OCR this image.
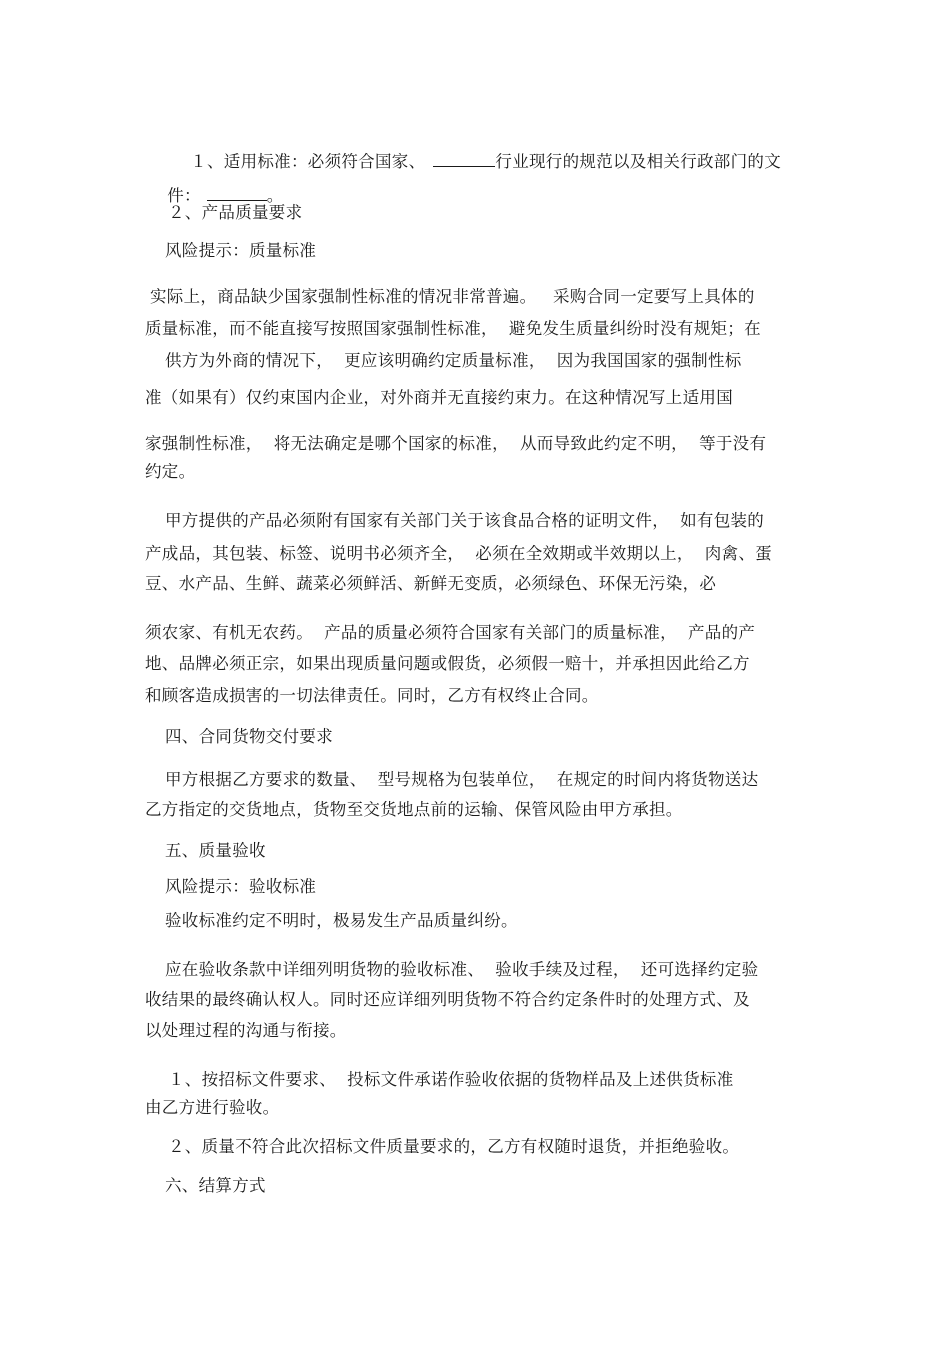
１、适用标准：必须符合国家、	行业现行的规范以及相关行政部门的文

件：	。

２、产品质量要求
风险提示：质量标准
实际上，商品缺少国家强制性标准的情况非常普遍。   采购合同一定要写上具体的
质量标准，而不能直接写按照国家强制性标准，  避免发生质量纠纷时没有规矩；在
供方为外商的情况下，  更应该明确约定质量标准，  因为我国国家的强制性标
准（如果有）仅约束国内企业，对外商并无直接约束力。在这种情况写上适用国
家强制性标准，  将无法确定是哪个国家的标准，  从而导致此约定不明，  等于没有
约定。
甲方提供的产品必须附有国家有关部门关于该食品合格的证明文件，  如有包装的
产成品，其包装、标签、说明书必须齐全，  必须在全效期或半效期以上，  肉禽、蛋
豆、水产品、生鲜、蔬菜必须鲜活、新鲜无变质，必须绿色、环保无污染，必
须农家、有机无农药。  产品的质量必须符合国家有关部门的质量标准，  产品的产
地、品牌必须正宗，如果出现质量问题或假货，必须假一赔十，并承担因此给乙方
和顾客造成损害的一切法律责任。同时，乙方有权终止合同。
四、合同货物交付要求
甲方根据乙方要求的数量、  型号规格为包装单位，  在规定的时间内将货物送达
乙方指定的交货地点，货物至交货地点前的运输、保管风险由甲方承担。
五、质量验收
风险提示：验收标准
验收标准约定不明时，极易发生产品质量纠纷。
应在验收条款中详细列明货物的验收标准、  验收手续及过程，  还可选择约定验
收结果的最终确认权人。同时还应详细列明货物不符合约定条件时的处理方式、及
以处理过程的沟通与衔接。
１、按招标文件要求、  投标文件承诺作验收依据的货物样品及上述供货标准
由乙方进行验收。
２、质量不符合此次招标文件质量要求的，乙方有权随时退货，并拒绝验收。
六、结算方式
